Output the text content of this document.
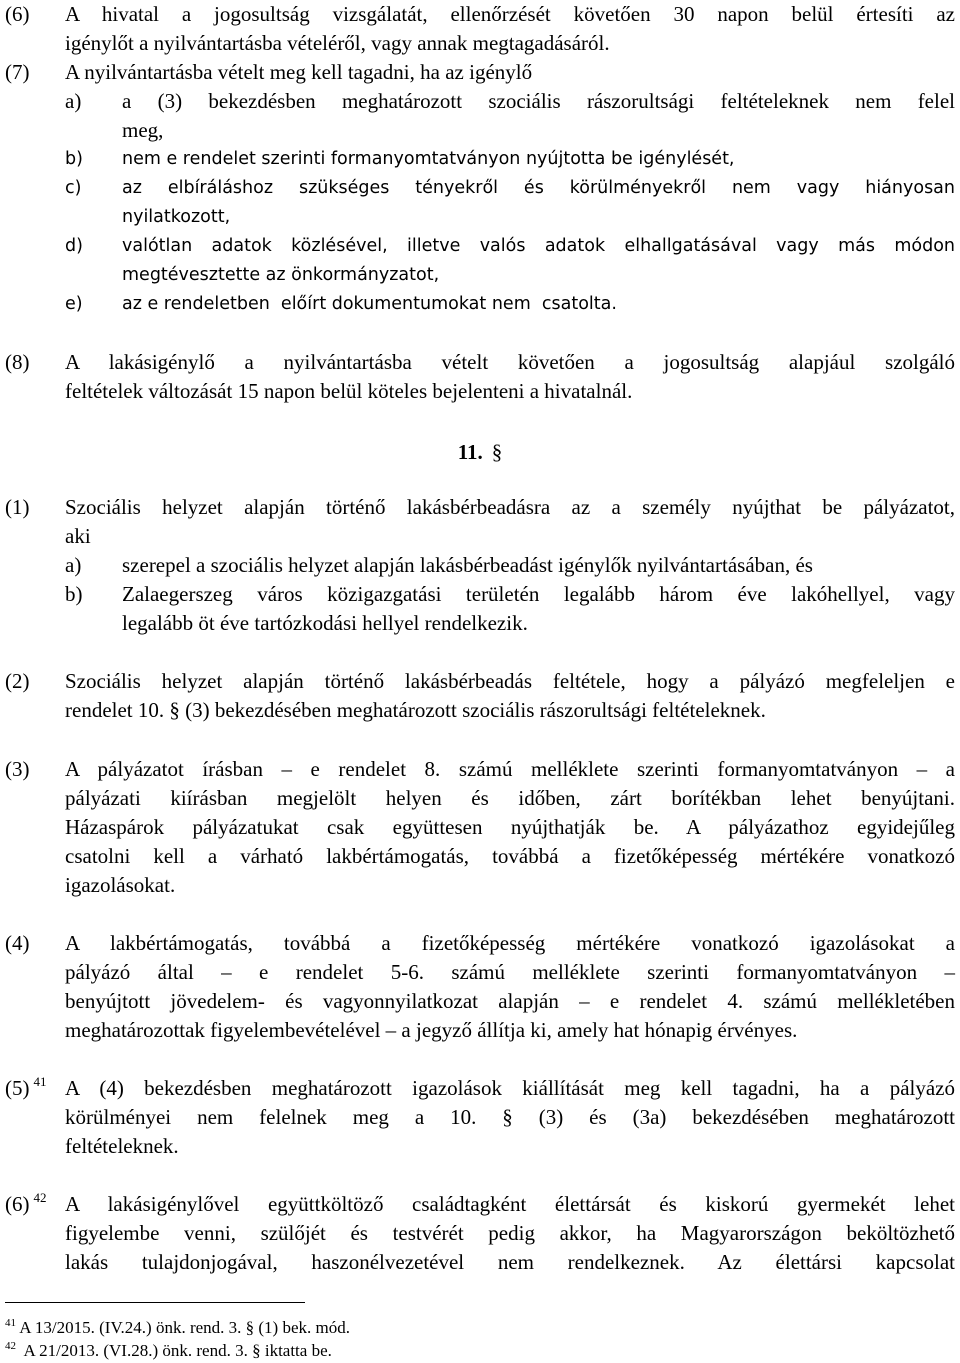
(6) A hivatal a jogosultság vizsgálatát, ellenőrzését követően 30 napon belül értesíti az
igénylőt a nyilvántartásba vételéről, vagy annak megtagadásáról.
(7) A nyilvántartásba vételt meg kell tagadni, ha az igénylő
a) a (3) bekezdésben meghatározott szociális rászorultsági feltételeknek nem felel
meg,
b) nem e rendelet szerinti formanyomtatványon nyújtotta be igénylését,
c) az elbíráláshoz szükséges tényekről és körülményekről nem vagy hiányosan
nyilatkozott,
d) valótlan adatok közlésével, illetve valós adatok elhallgatásával vagy más módon
megtévesztette az önkormányzatot,
e) az e rendeletben  előírt dokumentumokat nem  csatolta.
(8) A lakásigénylő a nyilvántartásba vételt követően a jogosultság alapjául szolgáló
feltételek változását 15 napon belül köteles bejelenteni a hivatalnál.
11. §
(1) Szociális helyzet alapján történő lakásbérbeadásra az a személy nyújthat be pályázatot,
aki
a) szerepel a szociális helyzet alapján lakásbérbeadást igénylők nyilvántartásában, és
b) Zalaegerszeg város közigazgatási területén legalább három éve lakóhellyel, vagy
legalább öt éve tartózkodási hellyel rendelkezik.
(2) Szociális helyzet alapján történő lakásbérbeadás feltétele, hogy a pályázó megfeleljen e
rendelet 10. § (3) bekezdésében meghatározott szociális rászorultsági feltételeknek.
(3) A pályázatot írásban – e rendelet 8. számú melléklete szerinti formanyomtatványon – a
pályázati kiírásban megjelölt helyen és időben, zárt borítékban lehet benyújtani.
Házaspárok pályázatukat csak együttesen nyújthatják be. A pályázathoz egyidejűleg
csatolni kell a várható lakbértámogatás, továbbá a fizetőképesség mértékére vonatkozó
igazolásokat.
(4) A lakbértámogatás, továbbá a fizetőképesség mértékére vonatkozó igazolásokat a
pályázó által – e rendelet 5-6. számú melléklete szerinti formanyomtatványon –
benyújtott jövedelem- és vagyonnyilatkozat alapján – e rendelet 4. számú mellékletében
meghatározottak figyelembevételével – a jegyző állítja ki, amely hat hónapig érvényes.
(5) $^{41}$ A (4) bekezdésben meghatározott igazolások kiállítását meg kell tagadni, ha a pályázó
körülményei nem felelnek meg a 10. § (3) és (3a) bekezdésében meghatározott
feltételeknek.
(6) $^{42}$ A lakásigénylővel együttköltöző családtagként élettársát és kiskorú gyermekét lehet
figyelembe venni, szülőjét és testvérét pedig akkor, ha Magyarországon beköltözhető
lakás tulajdonjogával, haszonélvezetével nem rendelkeznek. Az élettársi kapcsolat
$^{41}$ A 13/2015. (IV.24.) önk. rend. 3. § (1) bek. mód.
$^{42}$  A 21/2013. (VI.28.) önk. rend. 3. § iktatta be.
